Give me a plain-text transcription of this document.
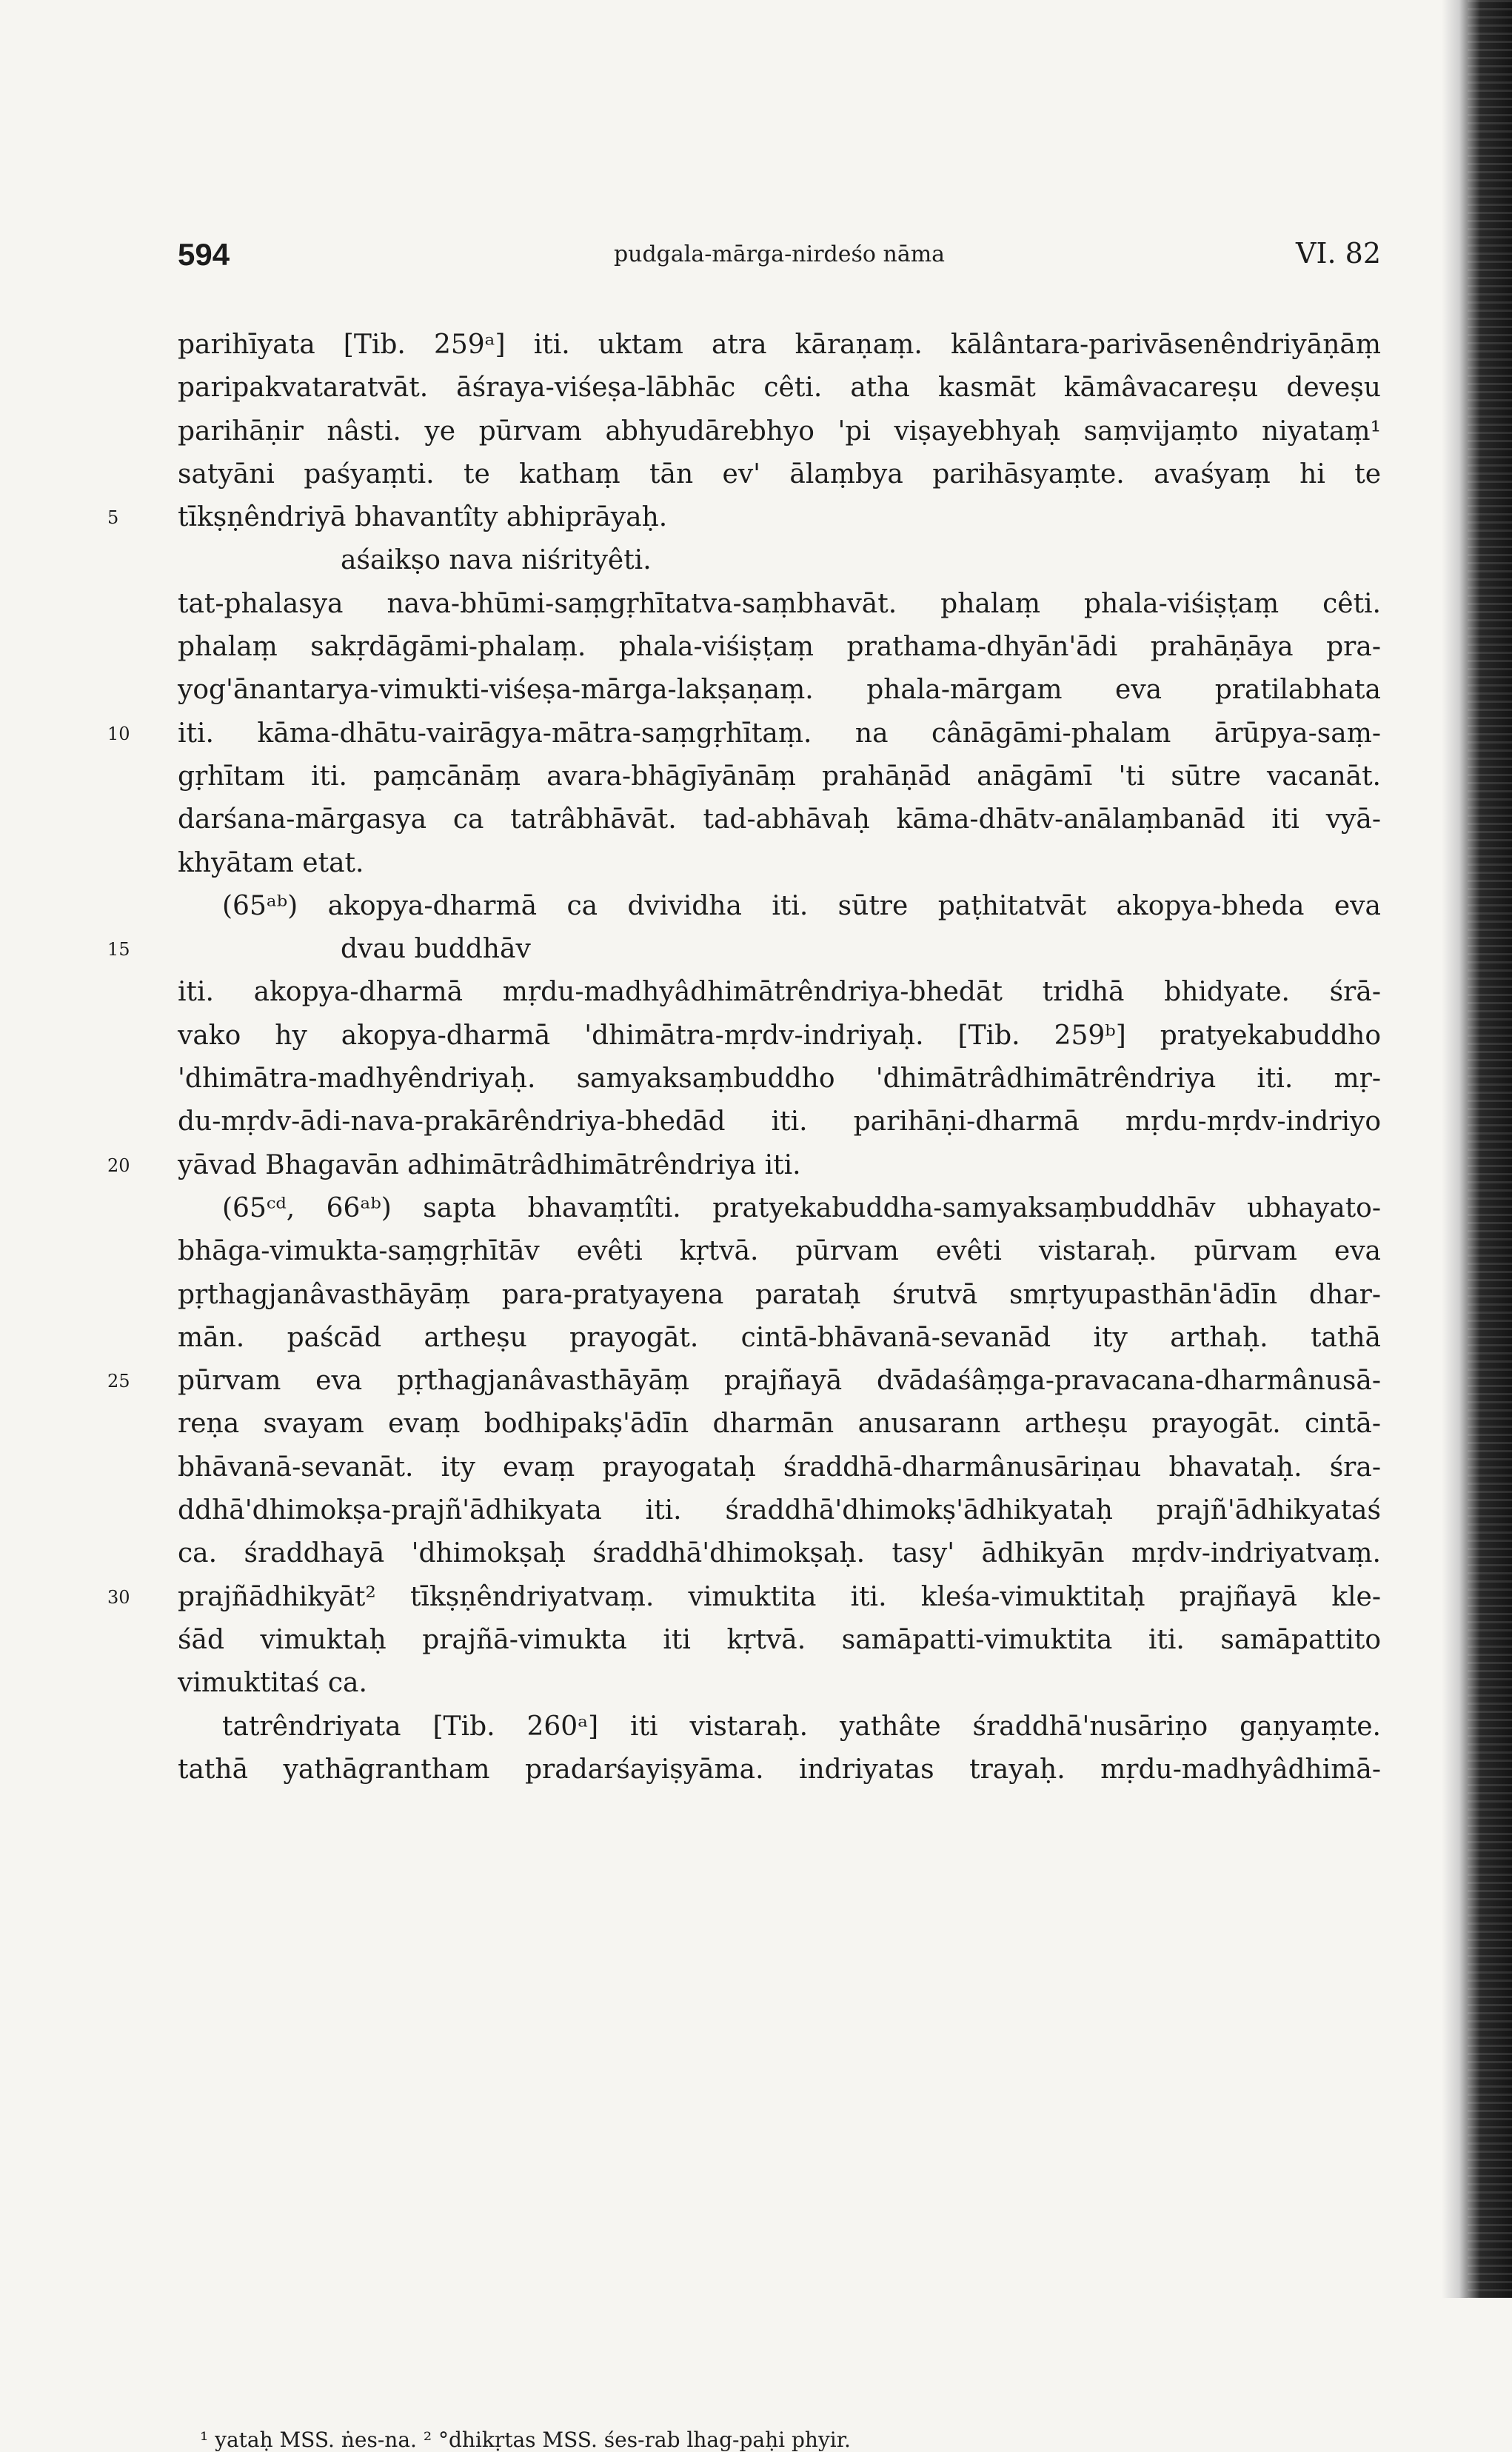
594	pudgala-mārga-nirdeśo nāma	VI. 82
parihīyata [Tib. 259ᵃ] iti. uktam atra kāraṇaṃ. kālântara-parivāsenêndriyāṇāṃ
paripakvataratvāt. āśraya-viśeṣa-lābhāc cêti. atha kasmāt kāmâvacareṣu deveṣu
parihāṇir nâsti. ye pūrvam abhyudārebhyo 'pi viṣayebhyaḥ saṃvijaṃto niyataṃ¹
satyāni paśyaṃti. te kathaṃ tān ev' ālaṃbya parihāsyaṃte. avaśyaṃ hi te
5	tīkṣṇêndriyā bhavantîty abhiprāyaḥ.
aśaikṣo nava niśrityêti.
tat-phalasya nava-bhūmi-saṃgṛhītatva-saṃbhavāt. phalaṃ phala-viśiṣṭaṃ cêti.
phalaṃ sakṛdāgāmi-phalaṃ. phala-viśiṣṭaṃ prathama-dhyān'ādi prahāṇāya pra-
yog'ānantarya-vimukti-viśeṣa-mārga-lakṣaṇaṃ. phala-mārgam eva pratilabhata
10 iti. kāma-dhātu-vairāgya-mātra-saṃgṛhītaṃ. na cânāgāmi-phalam ārūpya-saṃ-
gṛhītam iti. paṃcānāṃ avara-bhāgīyānāṃ prahāṇād anāgāmī 'ti sūtre vacanāt.
darśana-mārgasya ca tatrâbhāvāt. tad-abhāvaḥ kāma-dhātv-anālaṃbanād iti vyā-
khyātam etat.
(65ᵃᵇ) akopya-dharmā ca dvividha iti. sūtre paṭhitatvāt akopya-bheda eva
15	dvau buddhāv
iti. akopya-dharmā mṛdu-madhyâdhimātrêndriya-bhedāt tridhā bhidyate. śrā-
vako hy akopya-dharmā 'dhimātra-mṛdv-indriyaḥ. [Tib. 259ᵇ] pratyekabuddho
'dhimātra-madhyêndriyaḥ. samyaksaṃbuddho 'dhimātrâdhimātrêndriya iti. mṛ-
du-mṛdv-ādi-nava-prakārêndriya-bhedād iti. parihāṇi-dharmā mṛdu-mṛdv-indriyo
20 yāvad Bhagavān adhimātrâdhimātrêndriya iti.
(65ᶜᵈ, 66ᵃᵇ) sapta bhavaṃtîti. pratyekabuddha-samyaksaṃbuddhāv ubhayato-
bhāga-vimukta-saṃgṛhītāv evêti kṛtvā. pūrvam evêti vistaraḥ. pūrvam eva
pṛthagjanâvasthāyāṃ para-pratyayena parataḥ śrutvā smṛtyupasthān'ādīn dhar-
mān. paścād artheṣu prayogāt. cintā-bhāvanā-sevanād ity arthaḥ. tathā
25 pūrvam eva pṛthagjanâvasthāyāṃ prajñayā dvādaśâṃga-pravacana-dharmânusā-
reṇa svayam evaṃ bodhipakṣ'ādīn dharmān anusarann artheṣu prayogāt. cintā-
bhāvanā-sevanāt. ity evaṃ prayogataḥ śraddhā-dharmânusāriṇau bhavataḥ. śra-
ddhā'dhimokṣa-prajñ'ādhikyata iti. śraddhā'dhimokṣ'ādhikyataḥ prajñ'ādhikyataś
ca. śraddhayā 'dhimokṣaḥ śraddhā'dhimokṣaḥ. tasy' ādhikyān mṛdv-indriyatvaṃ.
30 prajñādhikyāt² tīkṣṇêndriyatvaṃ. vimuktita iti. kleśa-vimuktitaḥ prajñayā kle-
śād vimuktaḥ prajñā-vimukta iti kṛtvā. samāpatti-vimuktita iti. samāpattito
vimuktitaś ca.
tatrêndriyata [Tib. 260ᵃ] iti vistaraḥ. yathâte śraddhā'nusāriṇo gaṇyaṃte.
tathā yathāgrantham pradarśayiṣyāma. indriyatas trayaḥ. mṛdu-madhyâdhimā-
¹ yataḥ MSS. ṅes-na. ² °dhikṛtas MSS. śes-rab lhag-paḥi phyir.
